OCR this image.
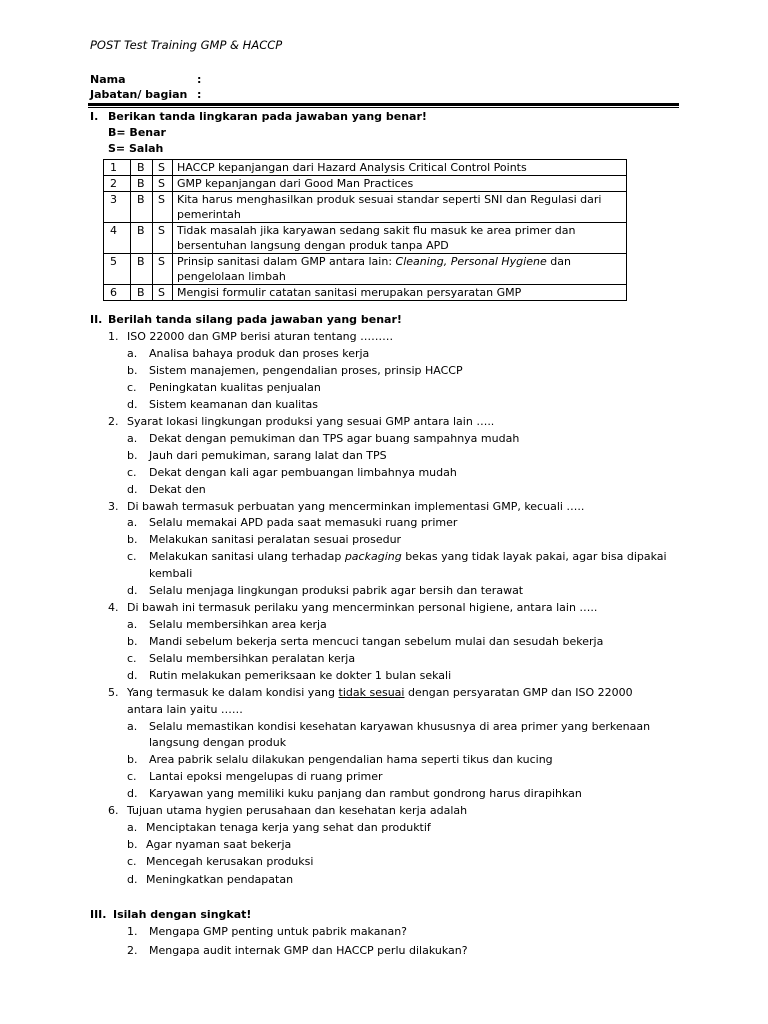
POST Test Training GMP & HACCP
Nama	:
Jabatan/ bagian :
I. Berikan tanda lingkaran pada jawaban yang benar!
B= Benar
S= Salah
1	B	S	HACCP kepanjangan dari Hazard Analysis Critical Control Points
2	B	S	GMP kepanjangan dari Good Man Practices
3	B	S	Kita harus menghasilkan produk sesuai standar seperti SNI dan Regulasi dari
pemerintah
4	B	S	Tidak masalah jika karyawan sedang sakit flu masuk ke area primer dan
bersentuhan langsung dengan produk tanpa APD
5	B	S	Prinsip sanitasi dalam GMP antara lain: Cleaning, Personal Hygiene dan
pengelolaan limbah
6	B	S	Mengisi formulir catatan sanitasi merupakan persyaratan GMP
II. Berilah tanda silang pada jawaban yang benar!
1. ISO 22000 dan GMP berisi aturan tentang ………
a. Analisa bahaya produk dan proses kerja
b. Sistem manajemen, pengendalian proses, prinsip HACCP
c. Peningkatan kualitas penjualan
d. Sistem keamanan dan kualitas
2. Syarat lokasi lingkungan produksi yang sesuai GMP antara lain …..
a. Dekat dengan pemukiman dan TPS agar buang sampahnya mudah
b. Jauh dari pemukiman, sarang lalat dan TPS
c. Dekat dengan kali agar pembuangan limbahnya mudah
d. Dekat den
3. Di bawah termasuk perbuatan yang mencerminkan implementasi GMP, kecuali …..
a. Selalu memakai APD pada saat memasuki ruang primer
b. Melakukan sanitasi peralatan sesuai prosedur
c. Melakukan sanitasi ulang terhadap packaging bekas yang tidak layak pakai, agar bisa dipakai
kembali
d. Selalu menjaga lingkungan produksi pabrik agar bersih dan terawat
4. Di bawah ini termasuk perilaku yang mencerminkan personal higiene, antara lain …..
a. Selalu membersihkan area kerja
b. Mandi sebelum bekerja serta mencuci tangan sebelum mulai dan sesudah bekerja
c. Selalu membersihkan peralatan kerja
d. Rutin melakukan pemeriksaan ke dokter 1 bulan sekali
5. Yang termasuk ke dalam kondisi yang tidak sesuai dengan persyaratan GMP dan ISO 22000
antara lain yaitu ……
a. Selalu memastikan kondisi kesehatan karyawan khususnya di area primer yang berkenaan
langsung dengan produk
b. Area pabrik selalu dilakukan pengendalian hama seperti tikus dan kucing
c. Lantai epoksi mengelupas di ruang primer
d. Karyawan yang memiliki kuku panjang dan rambut gondrong harus dirapihkan
6. Tujuan utama hygien perusahaan dan kesehatan kerja adalah
a. Menciptakan tenaga kerja yang sehat dan produktif
b. Agar nyaman saat bekerja
c. Mencegah kerusakan produksi
d. Meningkatkan pendapatan
III. Isilah dengan singkat!
1. Mengapa GMP penting untuk pabrik makanan?
2. Mengapa audit internak GMP dan HACCP perlu dilakukan?
